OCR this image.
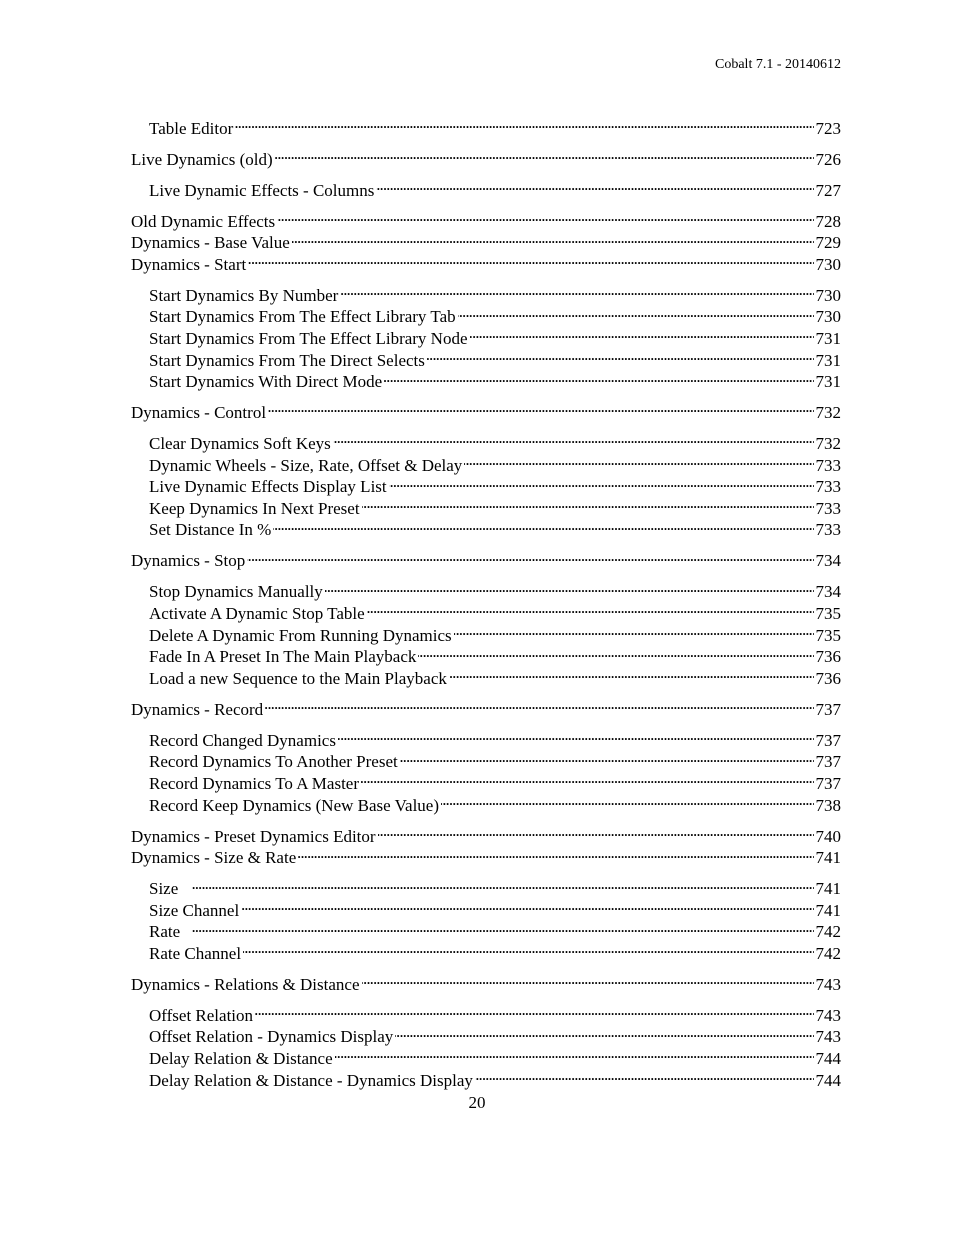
Cobalt 7.1 - 20140612
Table Editor . . .	723
Live Dynamics (old) . . .	726
Live Dynamic Effects - Columns . . .	727
Old Dynamic Effects . . .	728
Dynamics - Base Value . . .	729
Dynamics - Start . . .	730
Start Dynamics By Number . . .	730
Start Dynamics From The Effect Library Tab . . .	730
Start Dynamics From The Effect Library Node . . .	731
Start Dynamics From The Direct Selects . . .	731
Start Dynamics With Direct Mode . . .	731
Dynamics - Control . . .	732
Clear Dynamics Soft Keys . . .	732
Dynamic Wheels - Size, Rate, Offset & Delay . . .	733
Live Dynamic Effects Display List . . .	733
Keep Dynamics In Next Preset . . .	733
Set Distance In % . . .	733
Dynamics - Stop . . .	734
Stop Dynamics Manually . . .	734
Activate A Dynamic Stop Table . . .	735
Delete A Dynamic From Running Dynamics . . .	735
Fade In A Preset In The Main Playback . . .	736
Load a new Sequence to the Main Playback . . .	736
Dynamics - Record . . .	737
Record Changed Dynamics . . .	737
Record Dynamics To Another Preset . . .	737
Record Dynamics To A Master . . .	737
Record Keep Dynamics (New Base Value) . . .	738
Dynamics - Preset Dynamics Editor . . .	740
Dynamics - Size & Rate . . .	741
Size . . .	741
Size Channel . . .	741
Rate . . .	742
Rate Channel . . .	742
Dynamics - Relations & Distance . . .	743
Offset Relation . . .	743
Offset Relation - Dynamics Display . . .	743
Delay Relation & Distance . . .	744
Delay Relation & Distance - Dynamics Display . . .	744
20
